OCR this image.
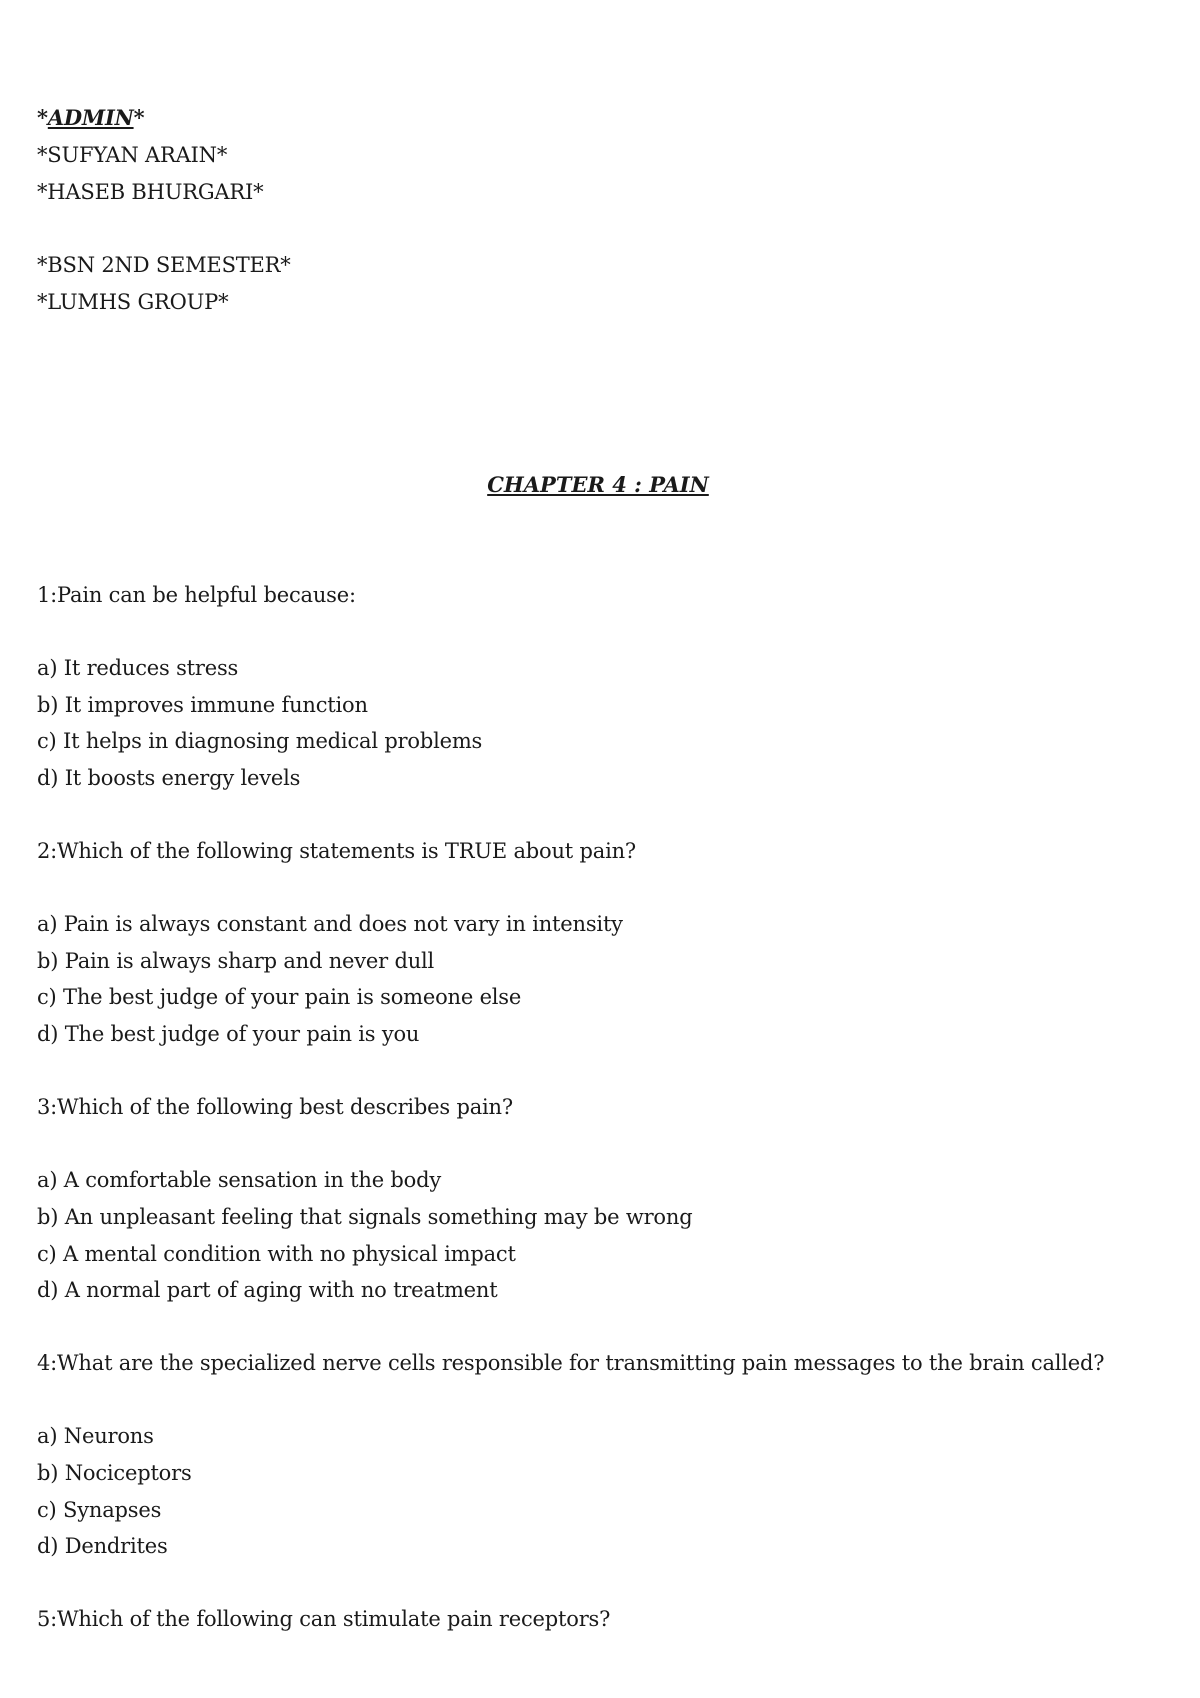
*ADMIN*
*SUFYAN ARAIN*
*HASEB BHURGARI*
*BSN 2ND SEMESTER*
*LUMHS GROUP*
CHAPTER 4 : PAIN
1:Pain can be helpful because:
a) It reduces stress
b) It improves immune function
c) It helps in diagnosing medical problems
d) It boosts energy levels
2:Which of the following statements is TRUE about pain?
a) Pain is always constant and does not vary in intensity
b) Pain is always sharp and never dull
c) The best judge of your pain is someone else
d) The best judge of your pain is you
3:Which of the following best describes pain?
a) A comfortable sensation in the body
b) An unpleasant feeling that signals something may be wrong
c) A mental condition with no physical impact
d) A normal part of aging with no treatment
4:What are the specialized nerve cells responsible for transmitting pain messages to the brain called?
a) Neurons
b) Nociceptors
c) Synapses
d) Dendrites
5:Which of the following can stimulate pain receptors?
